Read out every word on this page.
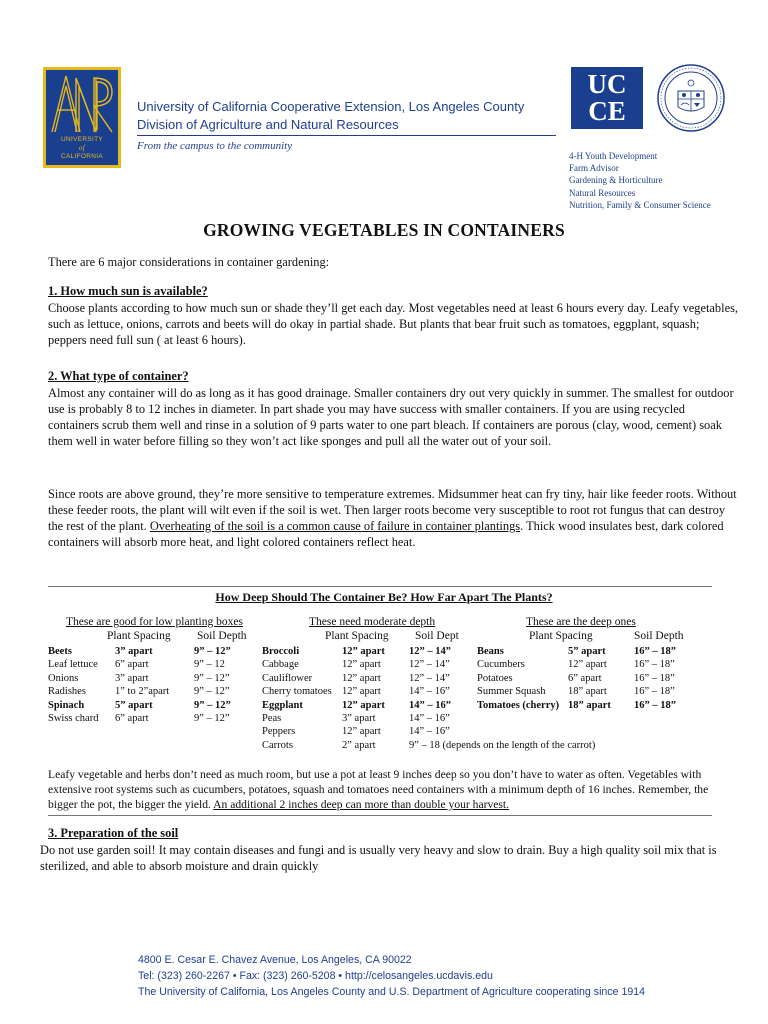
UNIVERSITY
of
CALIFORNIA
University of California Cooperative Extension, Los Angeles County
Division of Agriculture and Natural Resources
From the campus to the community
UC
CE
4-H Youth Development
Farm Advisor
Gardening & Horticulture
Natural Resources
Nutrition, Family & Consumer Science
GROWING VEGETABLES IN CONTAINERS
There are 6 major considerations in container gardening:
1. How much sun is available?
Choose plants according to how much sun or shade they’ll get each day. Most vegetables need at least 6 hours every day. Leafy vegetables, such as lettuce, onions, carrots and beets will do okay in partial shade. But plants that bear fruit such as tomatoes, eggplant, squash; peppers need full sun ( at least 6 hours).
2. What type of container?
Almost any container will do as long as it has good drainage. Smaller containers dry out very quickly in summer. The smallest for outdoor use is probably 8 to 12 inches in diameter. In part shade you may have success with smaller containers. If you are using recycled containers scrub them well and rinse in a solution of 9 parts water to one part bleach. If containers are porous (clay, wood, cement) soak them well in water before filling so they won’t act like sponges and pull all the water out of your soil.
Since roots are above ground, they’re more sensitive to temperature extremes. Midsummer heat can fry tiny, hair like feeder roots. Without these feeder roots, the plant will wilt even if the soil is wet. Then larger roots become very susceptible to root rot fungus that can destroy the rest of the plant. Overheating of the soil is a common cause of failure in container plantings. Thick wood insulates best, dark colored containers will absorb more heat, and light colored containers reflect heat.
How Deep Should The Container Be? How Far Apart The Plants?
These are good for low planting boxes
Plant Spacing Soil Depth
Beets	3” apart	9” – 12”
Leaf lettuce 6” apart	9” – 12
Onions	3” apart	9” – 12”
Radishes	1” to 2”apart 9” – 12”
Spinach	5” apart	9” – 12”
Swiss chard 6” apart	9” – 12”
These need moderate depth
Plant Spacing Soil Dept
Broccoli	12” apart 12” – 14”
Cabbage	12” apart	12” – 14”
Cauliflower	12” apart	12” – 14”
Cherry tomatoes 12” apart	14” – 16”
Eggplant	12” apart 14” – 16”
Peas	3” apart	14” – 16”
Peppers	12” apart	14” – 16”
Carrots	2” apart	9” – 18 (depends on the length of the carrot)
These are the deep ones
Plant Spacing	Soil Depth
Beans	5” apart	16” – 18”
Cucumbers	12” apart	16” – 18”
Potatoes	6” apart	16” – 18”
Summer Squash 18” apart	16” – 18”
Tomatoes (cherry) 18” apart 16” – 18”
Leafy vegetable and herbs don’t need as much room, but use a pot at least 9 inches deep so you don’t have to water as often. Vegetables with extensive root systems such as cucumbers, potatoes, squash and tomatoes need containers with a minimum depth of 16 inches. Remember, the bigger the pot, the bigger the yield. An additional 2 inches deep can more than double your harvest.
3. Preparation of the soil
Do not use garden soil! It may contain diseases and fungi and is usually very heavy and slow to drain. Buy a high quality soil mix that is sterilized, and able to absorb moisture and drain quickly
4800 E. Cesar E. Chavez Avenue, Los Angeles, CA 90022
Tel: (323) 260-2267 • Fax: (323) 260-5208 • http://celosangeles.ucdavis.edu
The University of California, Los Angeles County and U.S. Department of Agriculture cooperating since 1914
